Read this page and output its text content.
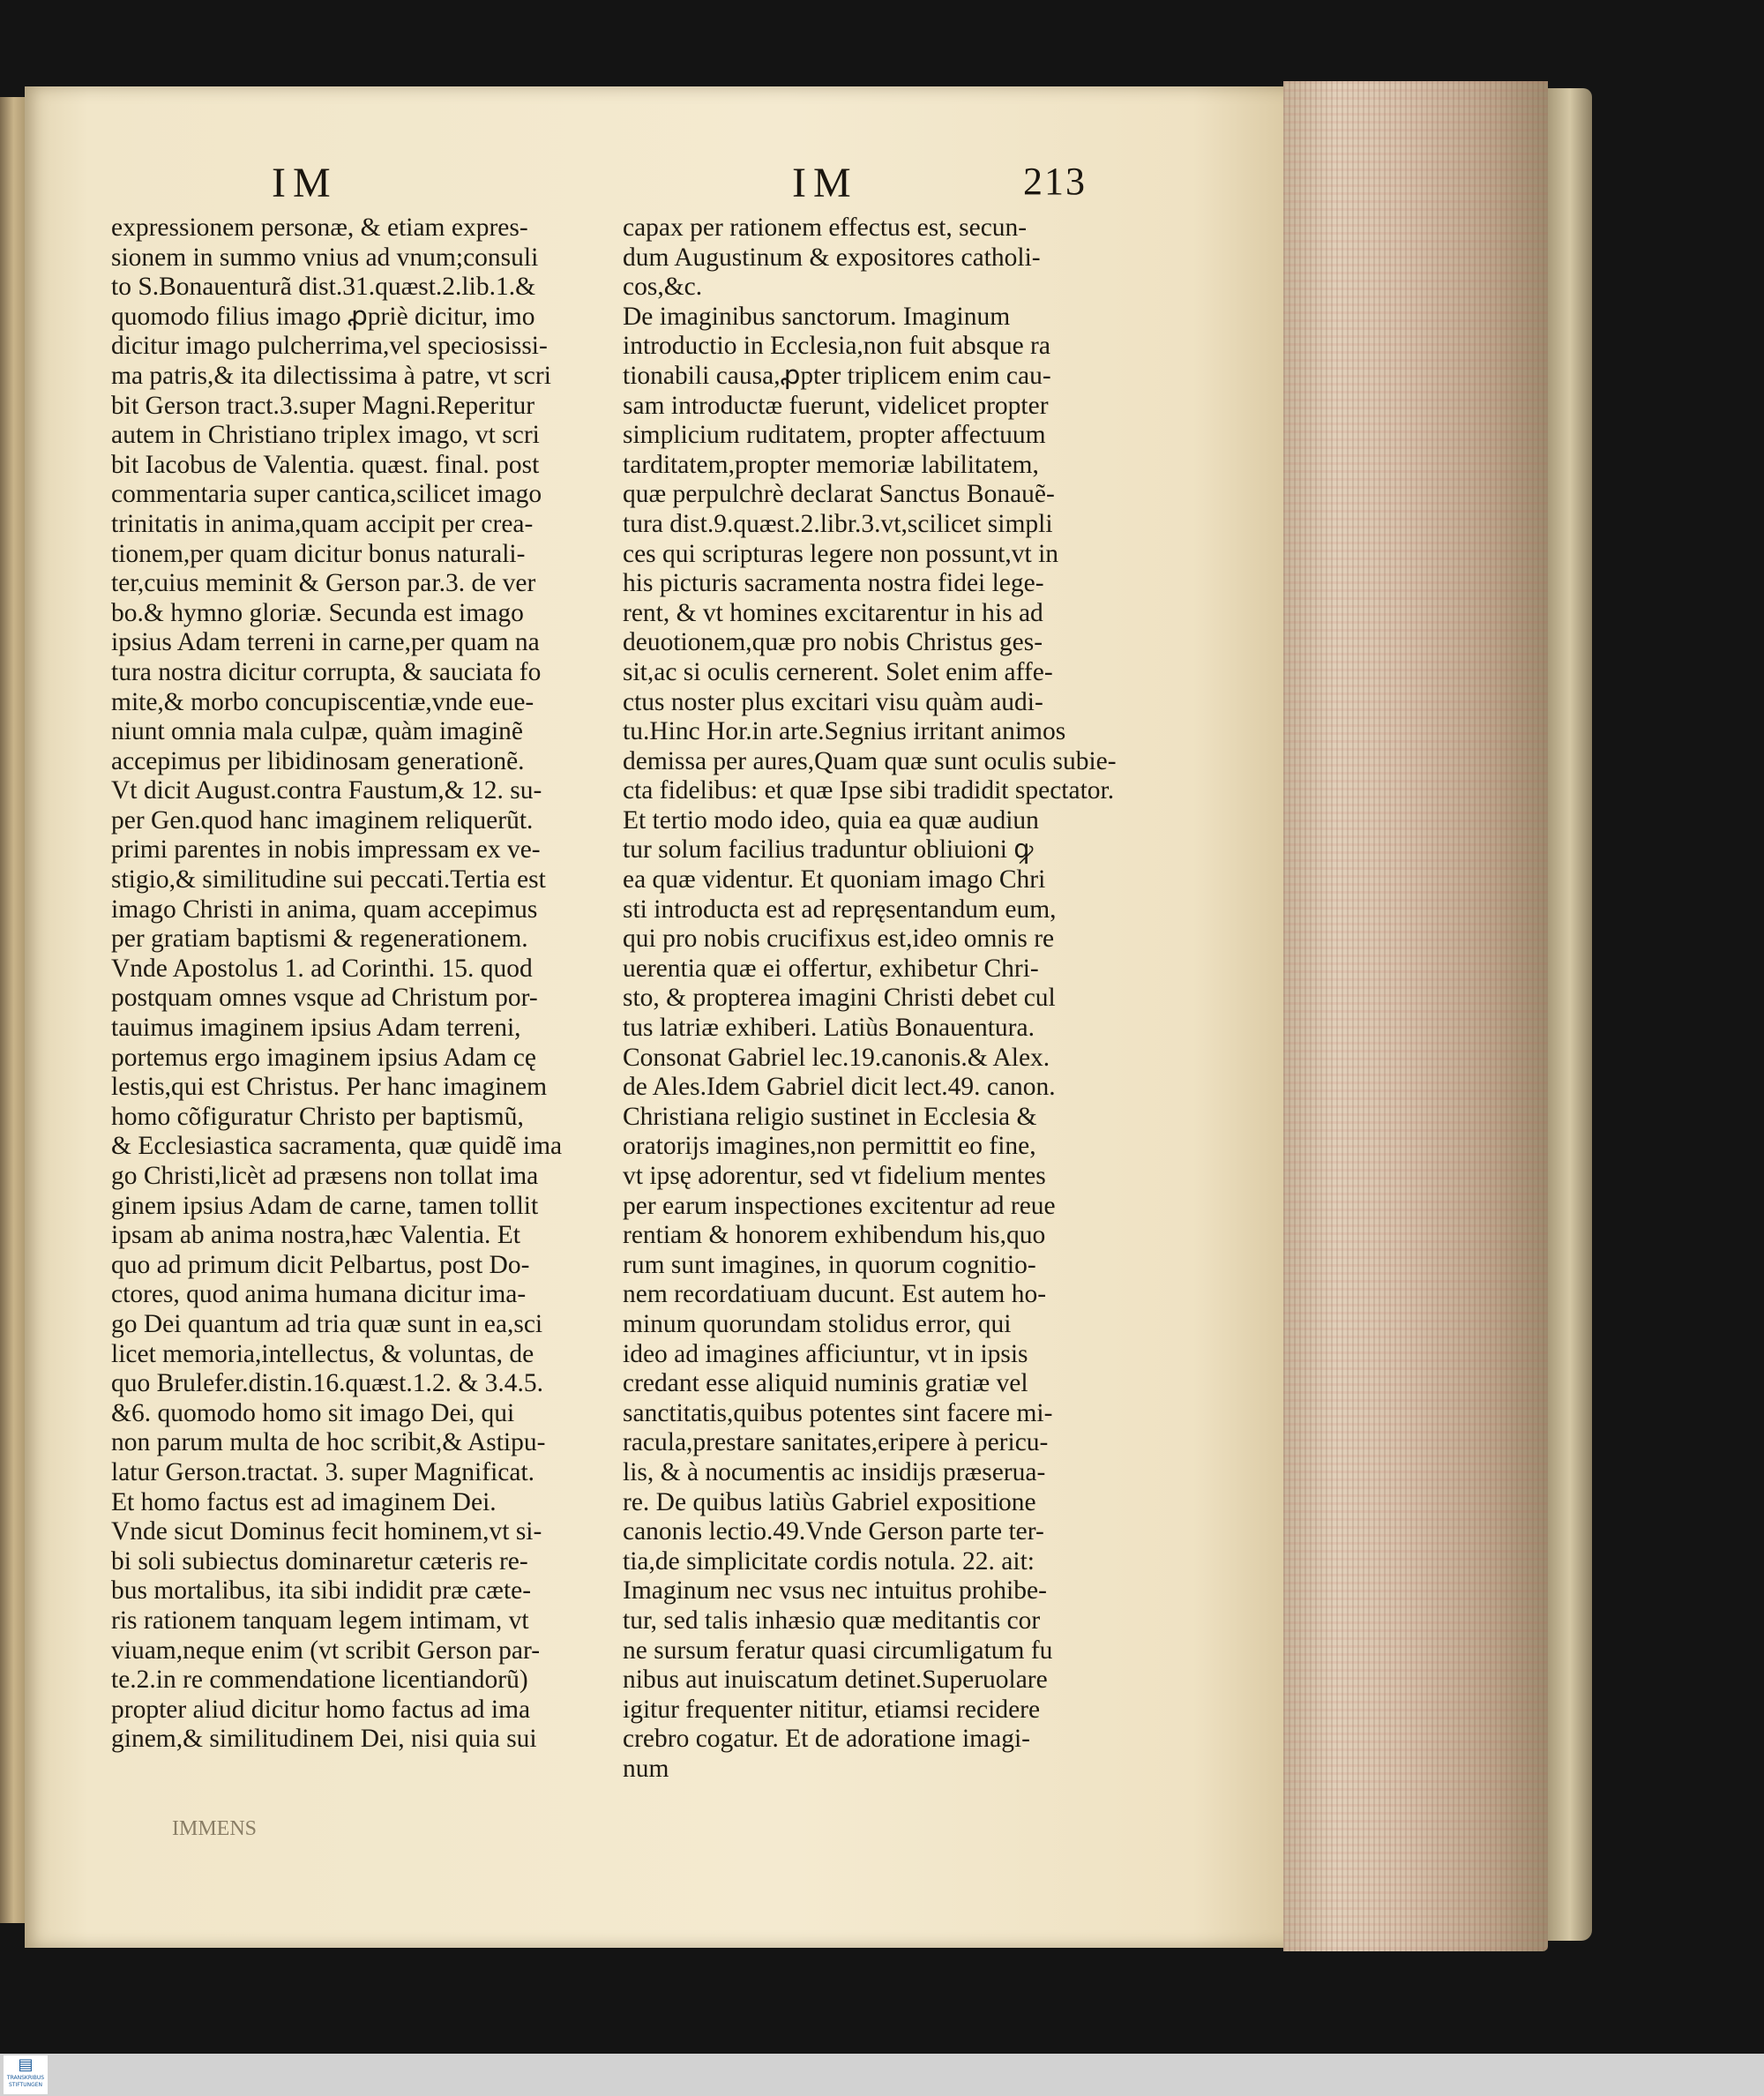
IM	IM	213
expressionem personæ, & etiam expres-
sionem in summo vnius ad vnum;consuli
to S.Bonauenturã dist.31.quæst.2.lib.1.&
quomodo filius imago ꝓpriè dicitur, imo
dicitur imago pulcherrima,vel speciosissi-
ma patris,& ita dilectissima à patre, vt scri
bit Gerson tract.3.super Magni.Reperitur
autem in Christiano triplex imago, vt scri
bit Iacobus de Valentia. quæst. final. post
commentaria super cantica,scilicet imago
trinitatis in anima,quam accipit per crea-
tionem,per quam dicitur bonus naturali-
ter,cuius meminit & Gerson par.3. de ver
bo.& hymno gloriæ. Secunda est imago
ipsius Adam terreni in carne,per quam na
tura nostra dicitur corrupta, & sauciata fo
mite,& morbo concupiscentiæ,vnde eue-
niunt omnia mala culpæ, quàm imaginẽ
accepimus per libidinosam generationẽ.
Vt dicit August.contra Faustum,& 12. su-
per Gen.quod hanc imaginem reliquerũt.
primi parentes in nobis impressam ex ve-
stigio,& similitudine sui peccati.Tertia est
imago Christi in anima, quam accepimus
per gratiam baptismi & regenerationem.
Vnde Apostolus 1. ad Corinthi. 15. quod
postquam omnes vsque ad Christum por-
tauimus imaginem ipsius Adam terreni,
portemus ergo imaginem ipsius Adam cę
lestis,qui est Christus. Per hanc imaginem
homo cõfiguratur Christo per baptismũ,
& Ecclesiastica sacramenta, quæ quidẽ ima
go Christi,licèt ad præsens non tollat ima
ginem ipsius Adam de carne, tamen tollit
ipsam ab anima nostra,hæc Valentia. Et
quo ad primum dicit Pelbartus, post Do-
ctores, quod anima humana dicitur ima-
go Dei quantum ad tria quæ sunt in ea,sci
licet memoria,intellectus, & voluntas, de
quo Brulefer.distin.16.quæst.1.2. & 3.4.5.
&6. quomodo homo sit imago Dei, qui
non parum multa de hoc scribit,& Astipu-
latur Gerson.tractat. 3. super Magnificat.
Et homo factus est ad imaginem Dei.
Vnde sicut Dominus fecit hominem,vt si-
bi soli subiectus dominaretur cæteris re-
bus mortalibus, ita sibi indidit præ cæte-
ris rationem tanquam legem intimam, vt
viuam,neque enim (vt scribit Gerson par-
te.2.in re commendatione licentiandorũ)
propter aliud dicitur homo factus ad ima
ginem,& similitudinem Dei, nisi quia sui
capax per rationem effectus est, secun-
dum Augustinum & expositores catholi-
cos,&c.
De imaginibus sanctorum. Imaginum
introductio in Ecclesia,non fuit absque ra
tionabili causa,ꝓpter triplicem enim cau-
sam introductæ fuerunt, videlicet propter
simplicium ruditatem, propter affectuum
tarditatem,propter memoriæ labilitatem,
quæ perpulchrè declarat Sanctus Bonauẽ-
tura dist.9.quæst.2.libr.3.vt,scilicet simpli
ces qui scripturas legere non possunt,vt in
his picturis sacramenta nostra fidei lege-
rent, & vt homines excitarentur in his ad
deuotionem,quæ pro nobis Christus ges-
sit,ac si oculis cernerent. Solet enim affe-
ctus noster plus excitari visu quàm audi-
tu.Hinc Hor.in arte.Segnius irritant animos
demissa per aures,Quam quæ sunt oculis subie-
cta fidelibus: et quæ Ipse sibi tradidit spectator.
Et tertio modo ideo, quia ea quæ audiun
tur solum facilius traduntur obliuioni ꝙ
ea quæ videntur. Et quoniam imago Chri
sti introducta est ad repręsentandum eum,
qui pro nobis crucifixus est,ideo omnis re
uerentia quæ ei offertur, exhibetur Chri-
sto, & propterea imagini Christi debet cul
tus latriæ exhiberi. Latiùs Bonauentura.
Consonat Gabriel lec.19.canonis.& Alex.
de Ales.Idem Gabriel dicit lect.49. canon.
Christiana religio sustinet in Ecclesia &
oratorijs imagines,non permittit eo fine,
vt ipsę adorentur, sed vt fidelium mentes
per earum inspectiones excitentur ad reue
rentiam & honorem exhibendum his,quo
rum sunt imagines, in quorum cognitio-
nem recordatiuam ducunt. Est autem ho-
minum quorundam stolidus error, qui
ideo ad imagines afficiuntur, vt in ipsis
credant esse aliquid numinis gratiæ vel
sanctitatis,quibus potentes sint facere mi-
racula,prestare sanitates,eripere à pericu-
lis, & à nocumentis ac insidijs præserua-
re. De quibus latiùs Gabriel expositione
canonis lectio.49.Vnde Gerson parte ter-
tia,de simplicitate cordis notula. 22. ait:
Imaginum nec vsus nec intuitus prohibe-
tur, sed talis inhæsio quæ meditantis cor
ne sursum feratur quasi circumligatum fu
nibus aut inuiscatum detinet.Superuolare
igitur frequenter nititur, etiamsi recidere
crebro cogatur. Et de adoratione imagi-
num
IMMENS
▤
TRANSKRIBUS STIFTUNGEN
